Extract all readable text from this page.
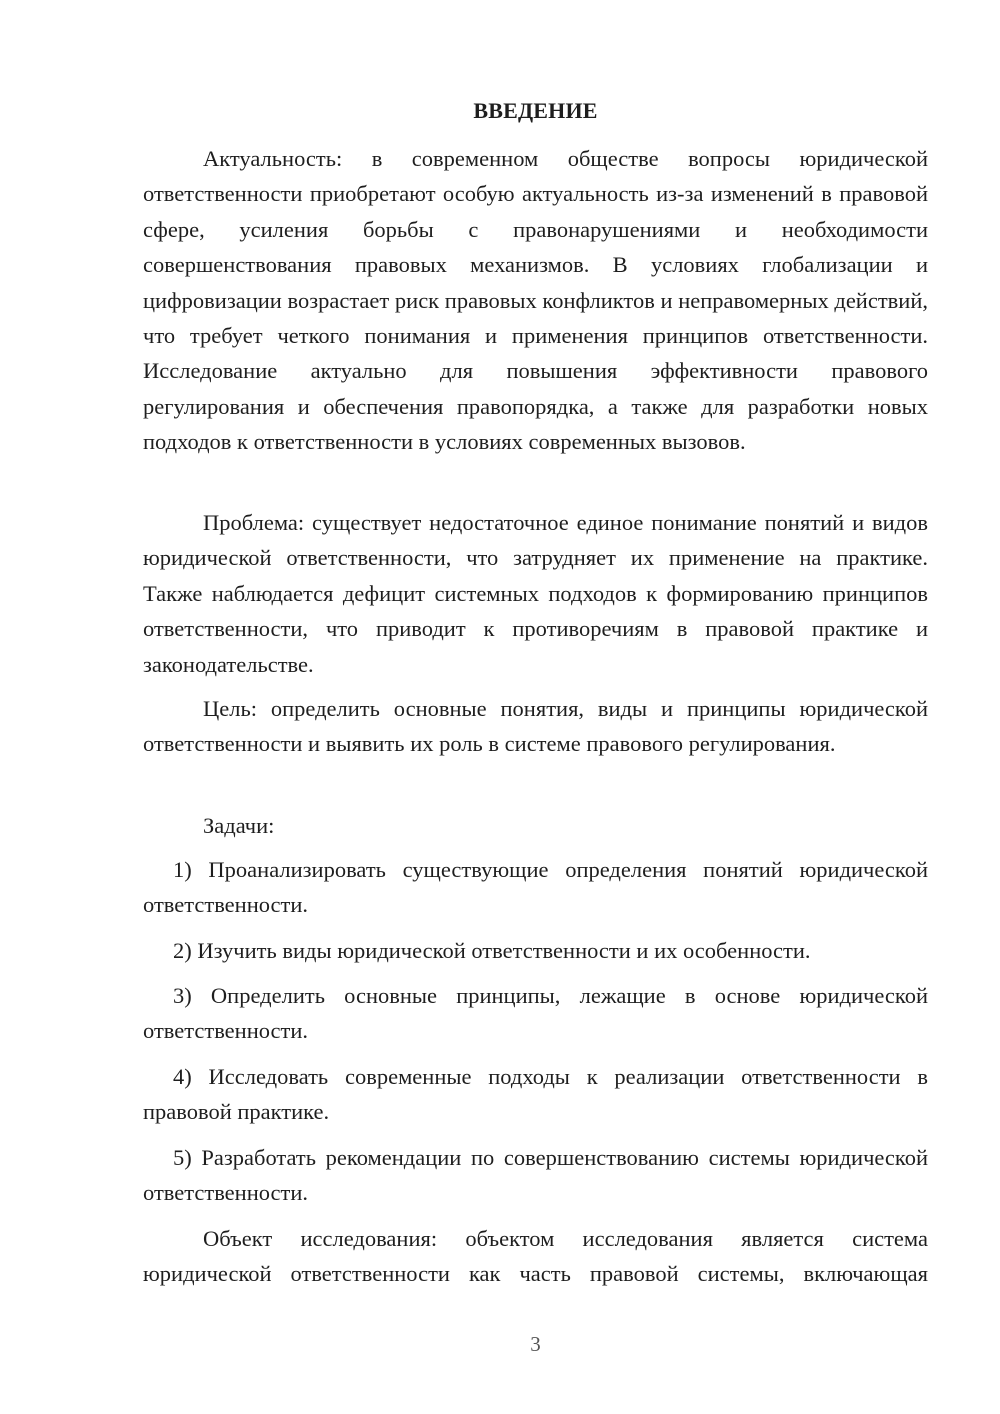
ВВЕДЕНИЕ

Актуальность: в современном обществе вопросы юридической ответственности приобретают особую актуальность из-за изменений в правовой сфере, усиления борьбы с правонарушениями и необходимости совершенствования правовых механизмов. В условиях глобализации и цифровизации возрастает риск правовых конфликтов и неправомерных действий, что требует четкого понимания и применения принципов ответственности. Исследование актуально для повышения эффективности правового регулирования и обеспечения правопорядка, а также для разработки новых подходов к ответственности в условиях современных вызовов.

Проблема: существует недостаточное единое понимание понятий и видов юридической ответственности, что затрудняет их применение на практике. Также наблюдается дефицит системных подходов к формированию принципов ответственности, что приводит к противоречиям в правовой практике и законодательстве.

Цель: определить основные понятия, виды и принципы юридической ответственности и выявить их роль в системе правового регулирования.

Задачи:

1) Проанализировать существующие определения понятий юридической ответственности.

2) Изучить виды юридической ответственности и их особенности.

3) Определить основные принципы, лежащие в основе юридической ответственности.

4) Исследовать современные подходы к реализации ответственности в правовой практике.

5) Разработать рекомендации по совершенствованию системы юридической ответственности.

Объект исследования: объектом исследования является система юридической ответственности как часть правовой системы, включающая

3
